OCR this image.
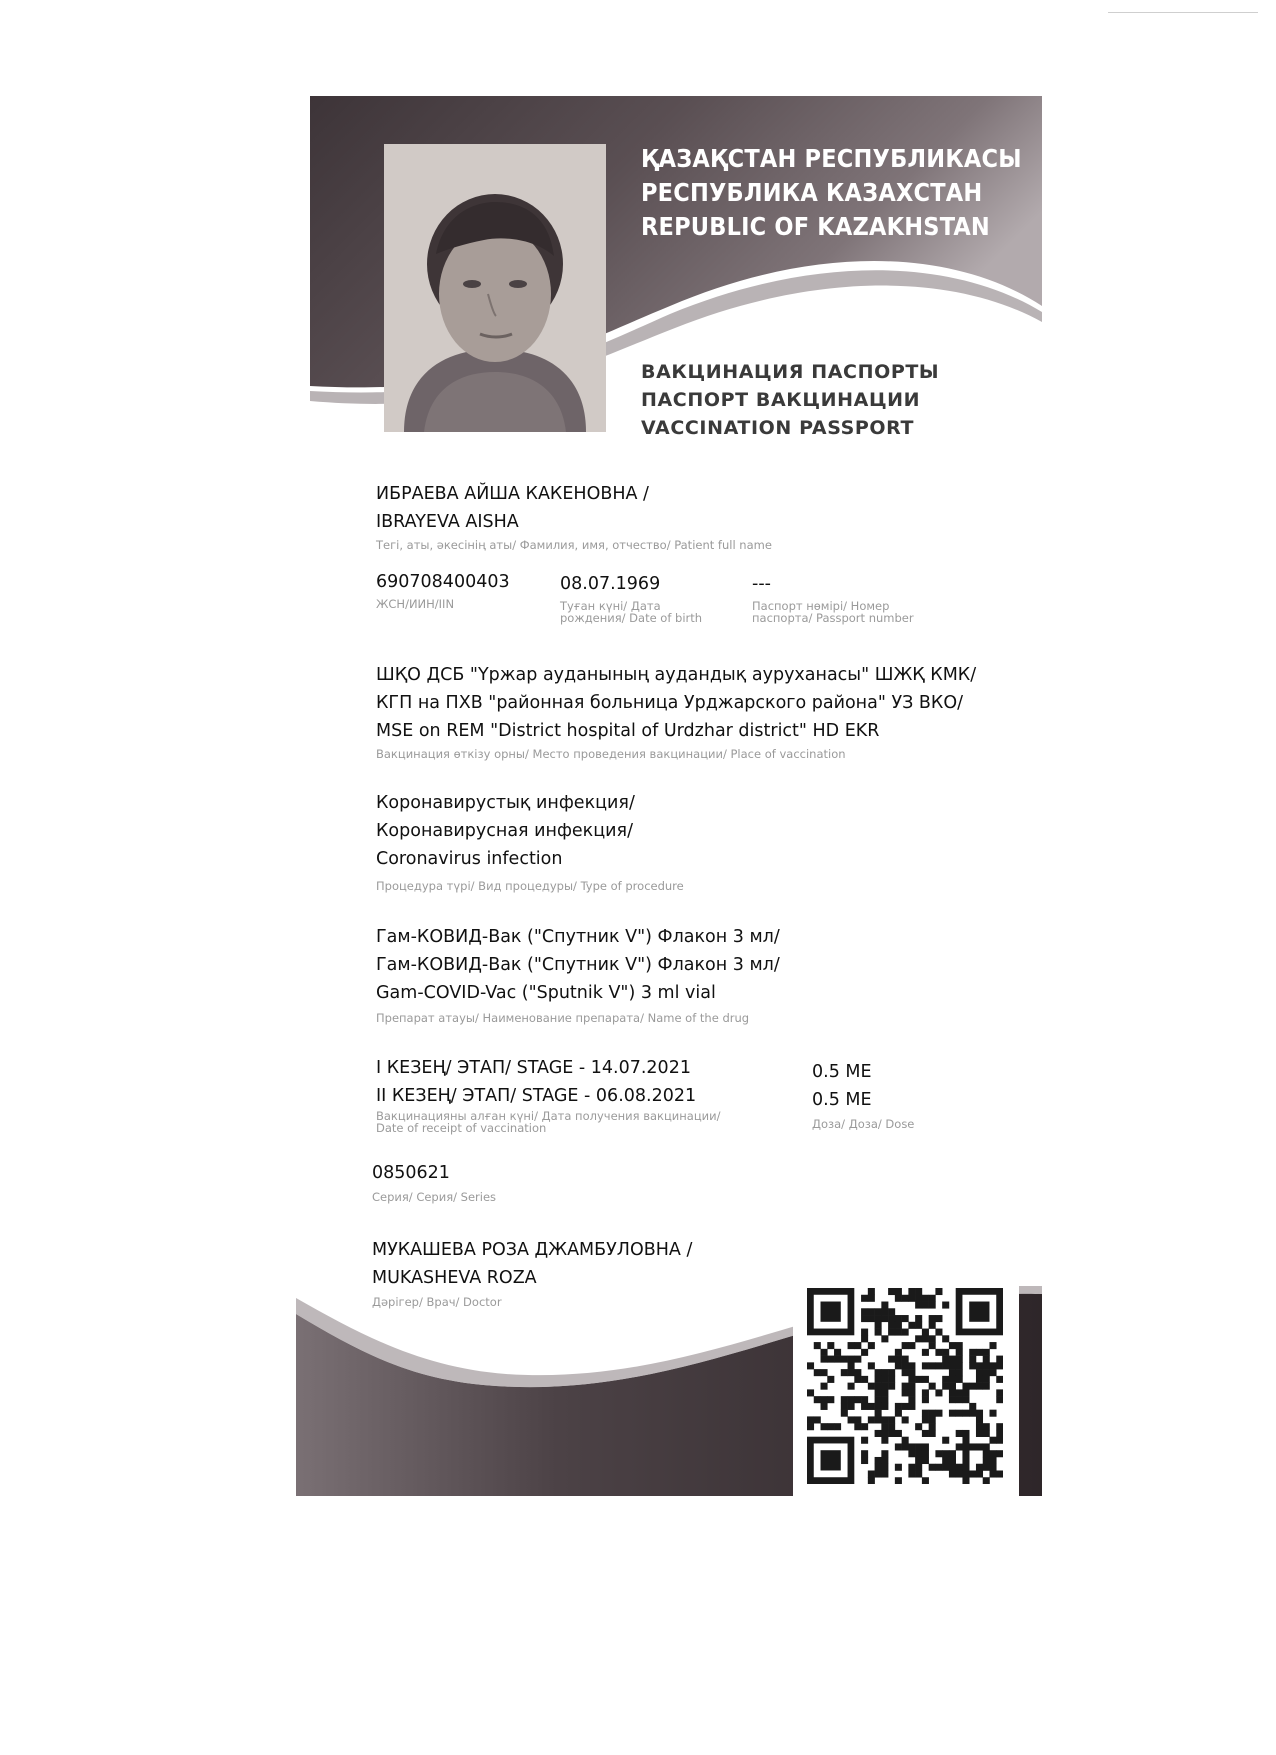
ҚАЗАҚСТАН РЕСПУБЛИКАСЫ
РЕСПУБЛИКА КАЗАХСТАН
REPUBLIC OF KAZAKHSTAN
ВАКЦИНАЦИЯ ПАСПОРТЫ
ПАСПОРТ ВАКЦИНАЦИИ
VACCINATION PASSPORT
ИБРАЕВА АЙША КАКЕНОВНА /
IBRAYEVA AISHA
Тегі, аты, әкесінің аты/ Фамилия, имя, отчество/ Patient full name
690708400403
ЖСН/ИИН/IIN
08.07.1969
Туған күні/ Дата
рождения/ Date of birth
---
Паспорт нөмірі/ Номер
паспорта/ Passport number
ШҚО ДСБ "Үржар ауданының аудандық ауруханасы" ШЖҚ КМК/
КГП на ПХВ "районная больница Урджарского района" УЗ ВКО/
MSE on REM "District hospital of Urdzhar district" HD EKR
Вакцинация өткізу орны/ Место проведения вакцинации/ Place of vaccination
Коронавирустық инфекция/
Коронавирусная инфекция/
Coronavirus infection
Процедура түрі/ Вид процедуры/ Type of procedure
Гам-КОВИД-Вак ("Спутник V") Флакон 3 мл/
Гам-КОВИД-Вак ("Спутник V") Флакон 3 мл/
Gam-COVID-Vac ("Sputnik V") 3 ml vial
Препарат атауы/ Наименование препарата/ Name of the drug
I КЕЗЕҢ/ ЭТАП/ STAGE - 14.07.2021
II КЕЗЕҢ/ ЭТАП/ STAGE - 06.08.2021
Вакцинацияны алған күні/ Дата получения вакцинации/
Date of receipt of vaccination
0.5 МЕ
0.5 МЕ
Доза/ Доза/ Dose
0850621
Серия/ Серия/ Series
МУКАШЕВА РОЗА ДЖАМБУЛОВНА /
MUKASHEVA ROZA
Дәрігер/ Врач/ Doctor
